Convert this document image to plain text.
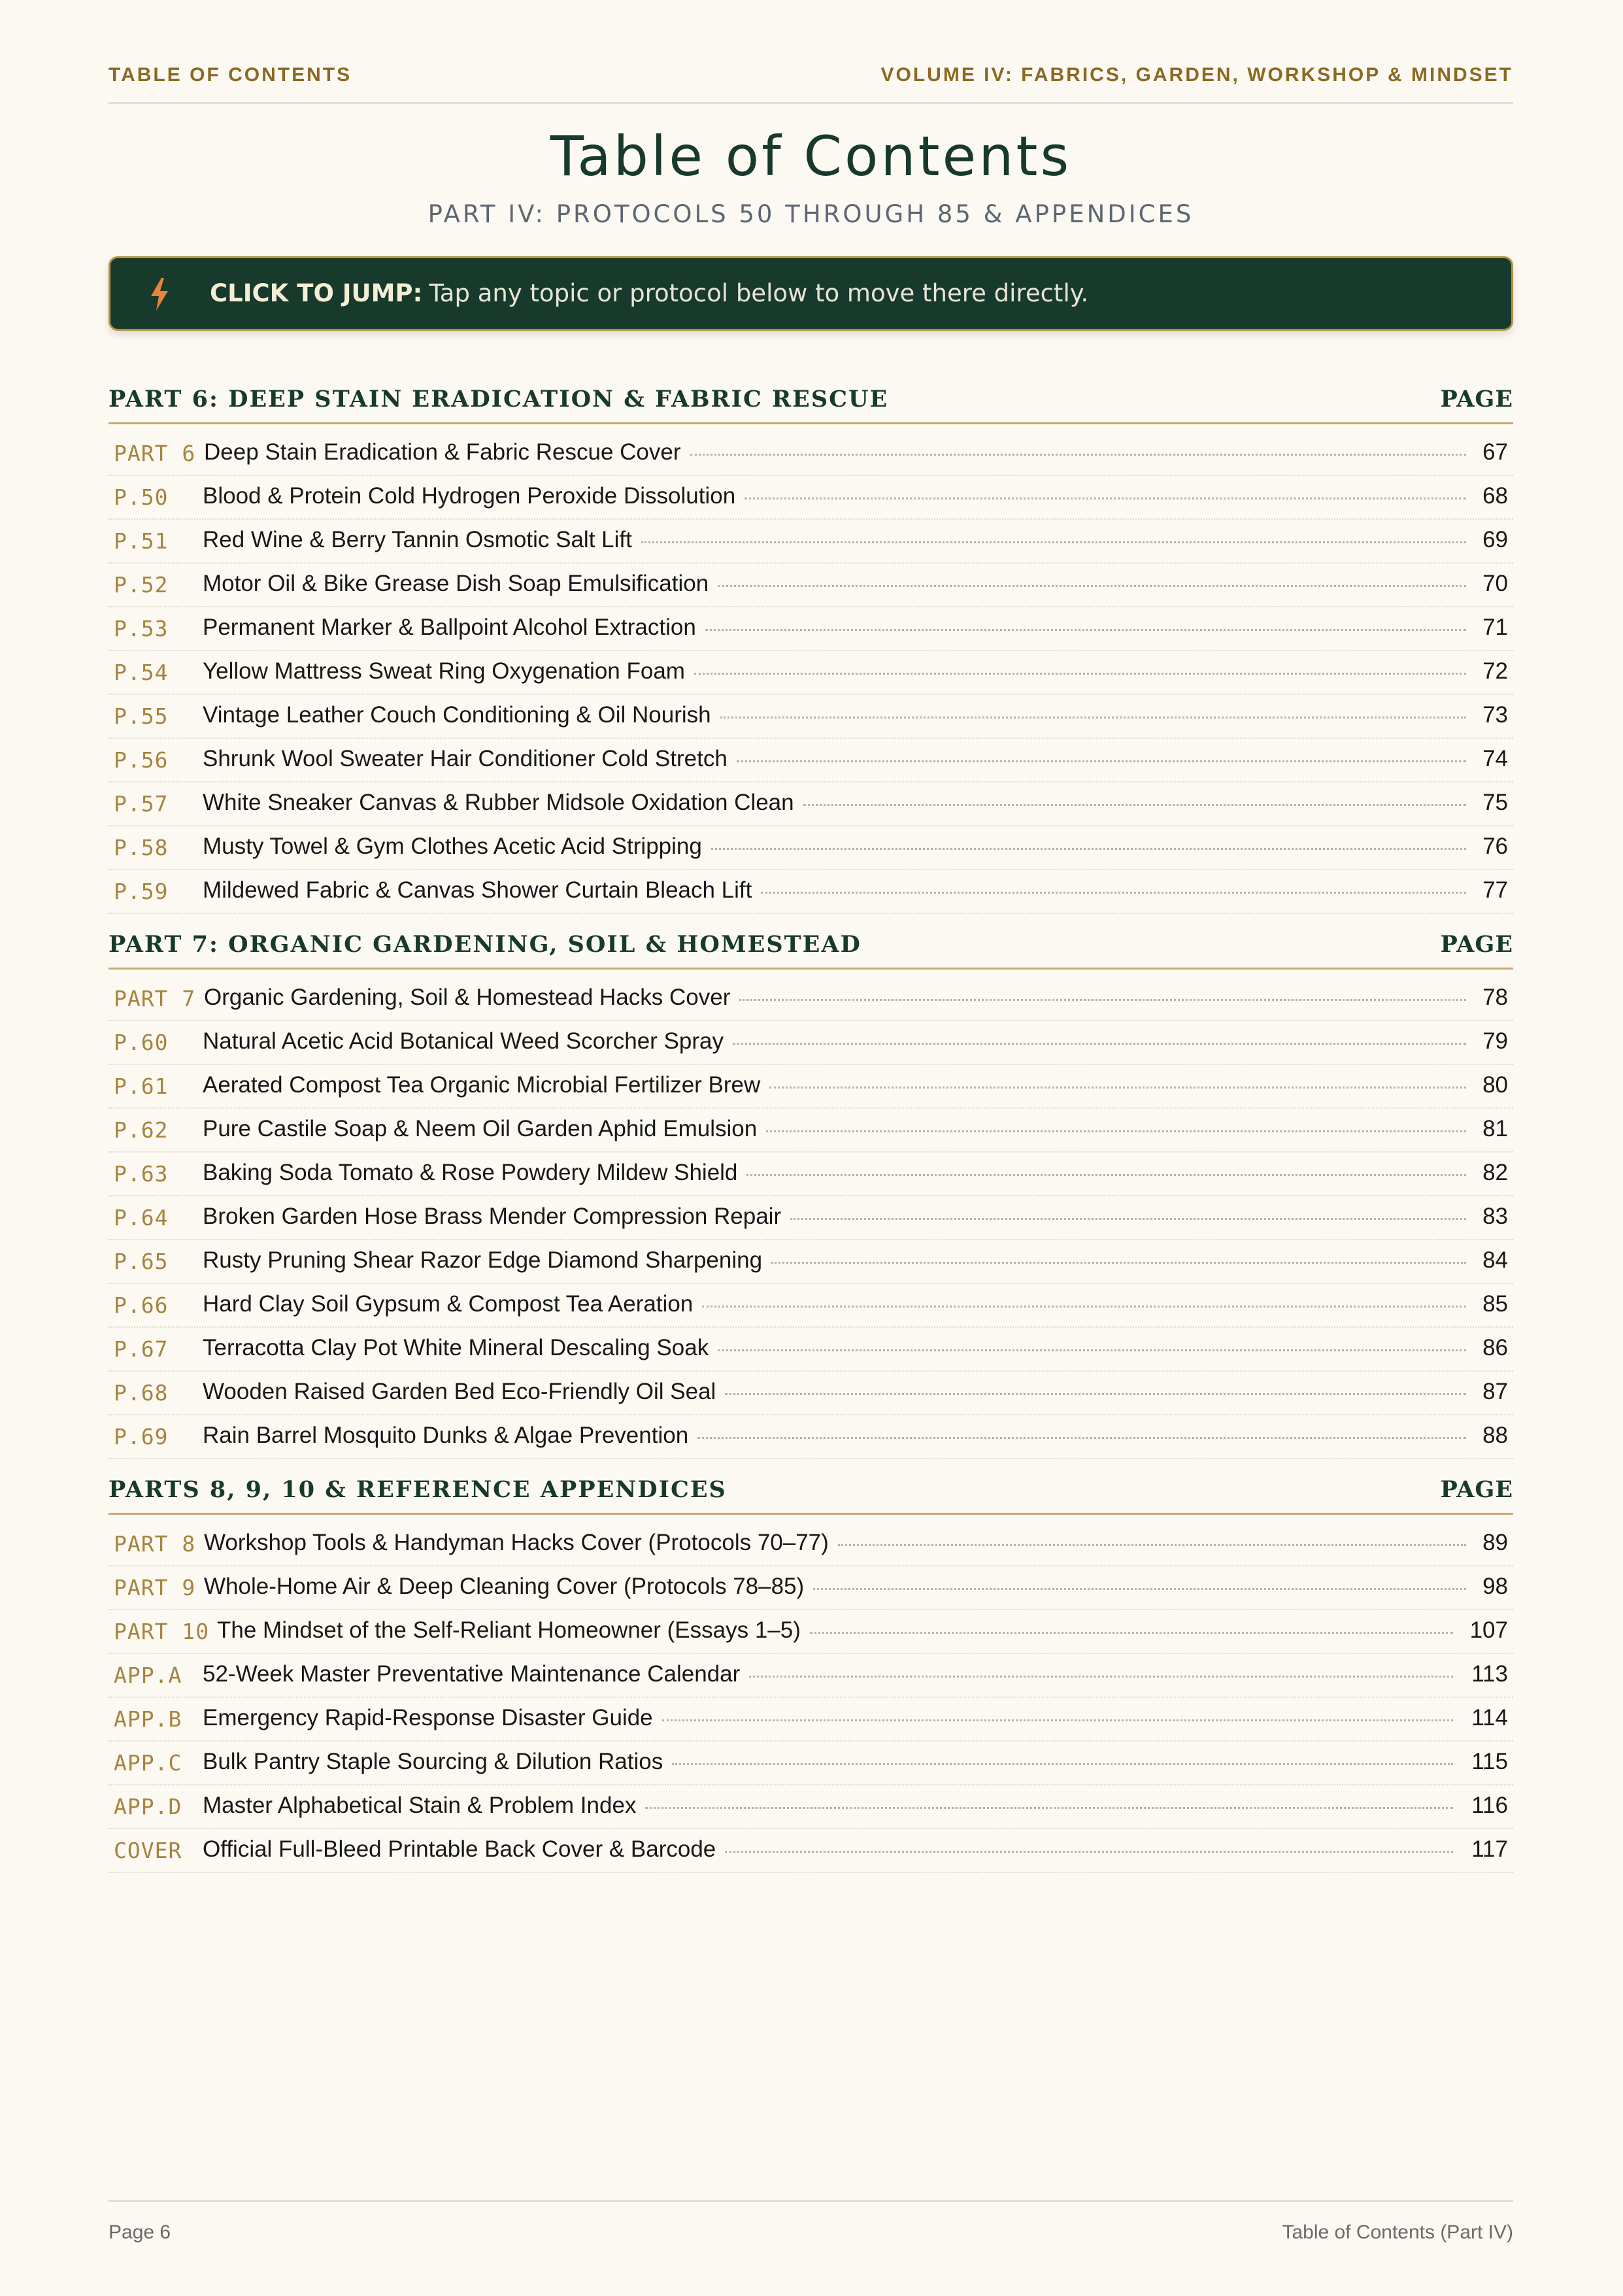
TABLE OF CONTENTS	VOLUME IV: FABRICS, GARDEN, WORKSHOP & MINDSET
Table of Contents
PART IV: PROTOCOLS 50 THROUGH 85 & APPENDICES
CLICK TO JUMP: Tap any topic or protocol below to move there directly.
PART 6: DEEP STAIN ERADICATION & FABRIC RESCUE	PAGE
PART 6 Deep Stain Eradication & Fabric Rescue Cover	67
P.50 Blood & Protein Cold Hydrogen Peroxide Dissolution	68
P.51 Red Wine & Berry Tannin Osmotic Salt Lift	69
P.52 Motor Oil & Bike Grease Dish Soap Emulsification	70
P.53 Permanent Marker & Ballpoint Alcohol Extraction	71
P.54 Yellow Mattress Sweat Ring Oxygenation Foam	72
P.55 Vintage Leather Couch Conditioning & Oil Nourish	73
P.56 Shrunk Wool Sweater Hair Conditioner Cold Stretch	74
P.57 White Sneaker Canvas & Rubber Midsole Oxidation Clean	75
P.58 Musty Towel & Gym Clothes Acetic Acid Stripping	76
P.59 Mildewed Fabric & Canvas Shower Curtain Bleach Lift	77
PART 7: ORGANIC GARDENING, SOIL & HOMESTEAD	PAGE
PART 7 Organic Gardening, Soil & Homestead Hacks Cover	78
P.60 Natural Acetic Acid Botanical Weed Scorcher Spray	79
P.61 Aerated Compost Tea Organic Microbial Fertilizer Brew	80
P.62 Pure Castile Soap & Neem Oil Garden Aphid Emulsion	81
P.63 Baking Soda Tomato & Rose Powdery Mildew Shield	82
P.64 Broken Garden Hose Brass Mender Compression Repair	83
P.65 Rusty Pruning Shear Razor Edge Diamond Sharpening	84
P.66 Hard Clay Soil Gypsum & Compost Tea Aeration	85
P.67 Terracotta Clay Pot White Mineral Descaling Soak	86
P.68 Wooden Raised Garden Bed Eco-Friendly Oil Seal	87
P.69 Rain Barrel Mosquito Dunks & Algae Prevention	88
PARTS 8, 9, 10 & REFERENCE APPENDICES	PAGE
PART 8 Workshop Tools & Handyman Hacks Cover (Protocols 70–77)	89
PART 9 Whole-Home Air & Deep Cleaning Cover (Protocols 78–85)	98
PART 10 The Mindset of the Self-Reliant Homeowner (Essays 1–5)	107
APP.A 52-Week Master Preventative Maintenance Calendar	113
APP.B Emergency Rapid-Response Disaster Guide	114
APP.C Bulk Pantry Staple Sourcing & Dilution Ratios	115
APP.D Master Alphabetical Stain & Problem Index	116
COVER Official Full-Bleed Printable Back Cover & Barcode	117
Page 6	Table of Contents (Part IV)
